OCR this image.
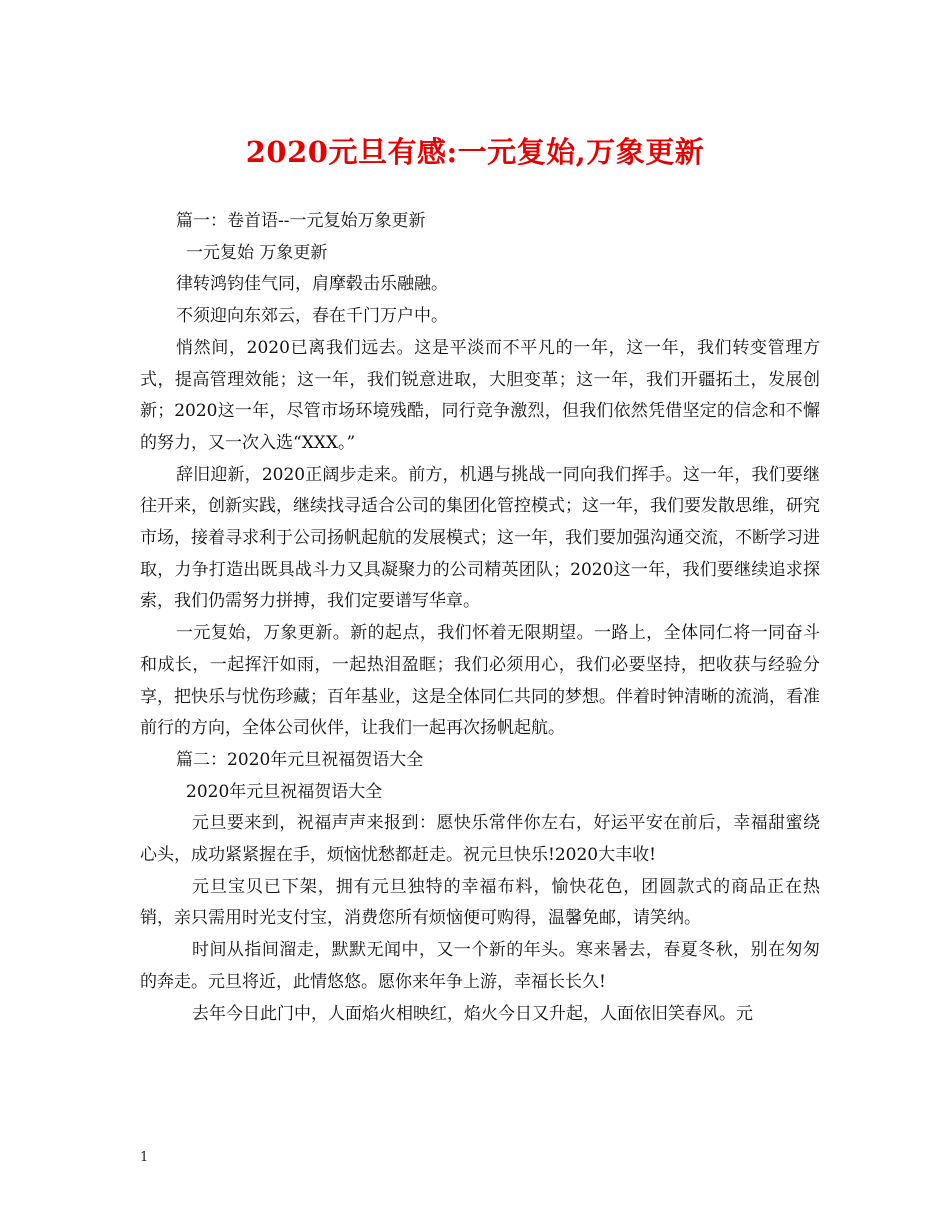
2020元旦有感:一元复始,万象更新

篇一：卷首语--一元复始万象更新

一元复始 万象更新

律转鸿钧佳气同，肩摩毂击乐融融。

不须迎向东郊云，春在千门万户中。

悄然间，2020已离我们远去。这是平淡而不平凡的一年，这一年，我们转变管理方式，提高管理效能；这一年，我们锐意进取，大胆变革；这一年，我们开疆拓土，发展创新；2020这一年，尽管市场环境残酷，同行竞争激烈，但我们依然凭借坚定的信念和不懈的努力，又一次入选“XXX。”

辞旧迎新，2020正阔步走来。前方，机遇与挑战一同向我们挥手。这一年，我们要继往开来，创新实践，继续找寻适合公司的集团化管控模式；这一年，我们要发散思维，研究市场，接着寻求利于公司扬帆起航的发展模式；这一年，我们要加强沟通交流，不断学习进取，力争打造出既具战斗力又具凝聚力的公司精英团队；2020这一年，我们要继续追求探索，我们仍需努力拼搏，我们定要谱写华章。

一元复始，万象更新。新的起点，我们怀着无限期望。一路上，全体同仁将一同奋斗和成长，一起挥汗如雨，一起热泪盈眶；我们必须用心，我们必要坚持，把收获与经验分享，把快乐与忧伤珍藏；百年基业，这是全体同仁共同的梦想。伴着时钟清晰的流淌，看准前行的方向，全体公司伙伴，让我们一起再次扬帆起航。

篇二：2020年元旦祝福贺语大全

2020年元旦祝福贺语大全

元旦要来到，祝福声声来报到：愿快乐常伴你左右，好运平安在前后，幸福甜蜜绕心头，成功紧紧握在手，烦恼忧愁都赶走。祝元旦快乐!2020大丰收!

元旦宝贝已下架，拥有元旦独特的幸福布料，愉快花色，团圆款式的商品正在热销，亲只需用时光支付宝，消费您所有烦恼便可购得，温馨免邮，请笑纳。

时间从指间溜走，默默无闻中，又一个新的年头。寒来暑去，春夏冬秋，别在匆匆的奔走。元旦将近，此情悠悠。愿你来年争上游，幸福长长久!

去年今日此门中，人面焰火相映红，焰火今日又升起，人面依旧笑春风。元

1
